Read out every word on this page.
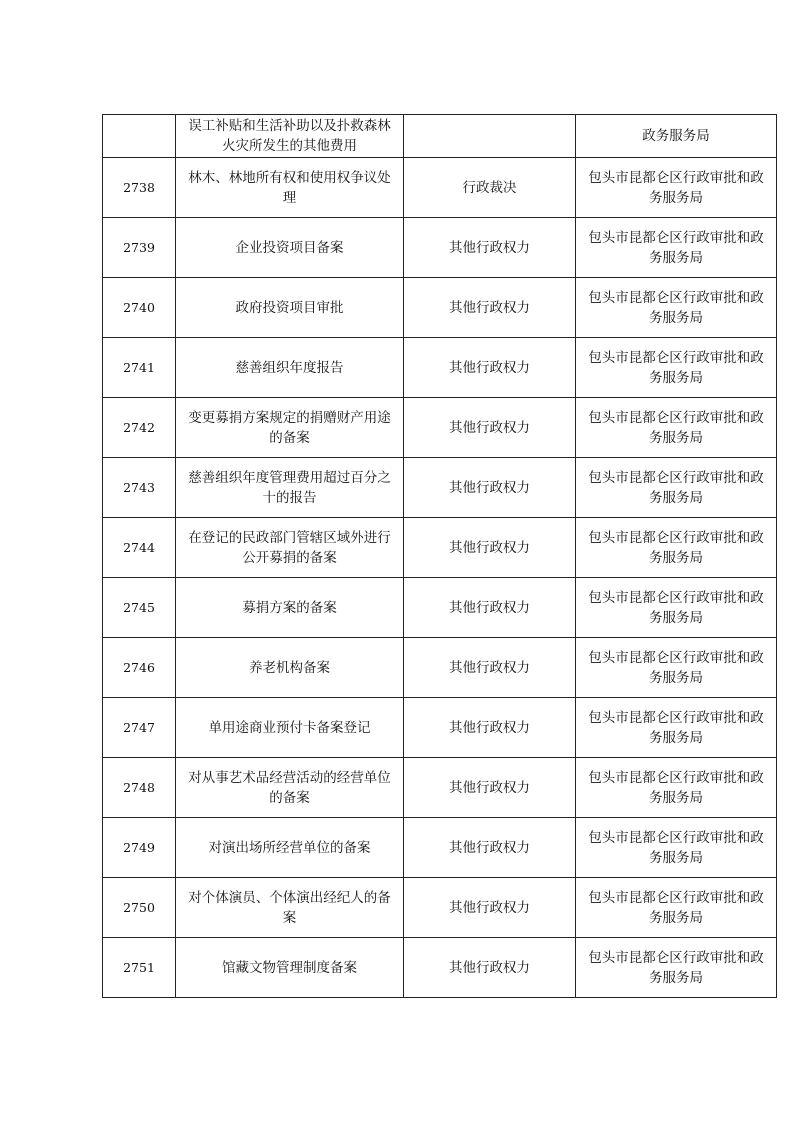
	误工补贴和生活补助以及扑救森林火灾所发生的其他费用		政务服务局
2738	林木、林地所有权和使用权争议处理	行政裁决	包头市昆都仑区行政审批和政务服务局
2739	企业投资项目备案	其他行政权力	包头市昆都仑区行政审批和政务服务局
2740	政府投资项目审批	其他行政权力	包头市昆都仑区行政审批和政务服务局
2741	慈善组织年度报告	其他行政权力	包头市昆都仑区行政审批和政务服务局
2742	变更募捐方案规定的捐赠财产用途的备案	其他行政权力	包头市昆都仑区行政审批和政务服务局
2743	慈善组织年度管理费用超过百分之十的报告	其他行政权力	包头市昆都仑区行政审批和政务服务局
2744	在登记的民政部门管辖区域外进行公开募捐的备案	其他行政权力	包头市昆都仑区行政审批和政务服务局
2745	募捐方案的备案	其他行政权力	包头市昆都仑区行政审批和政务服务局
2746	养老机构备案	其他行政权力	包头市昆都仑区行政审批和政务服务局
2747	单用途商业预付卡备案登记	其他行政权力	包头市昆都仑区行政审批和政务服务局
2748	对从事艺术品经营活动的经营单位的备案	其他行政权力	包头市昆都仑区行政审批和政务服务局
2749	对演出场所经营单位的备案	其他行政权力	包头市昆都仑区行政审批和政务服务局
2750	对个体演员、个体演出经纪人的备案	其他行政权力	包头市昆都仑区行政审批和政务服务局
2751	馆藏文物管理制度备案	其他行政权力	包头市昆都仑区行政审批和政务服务局
